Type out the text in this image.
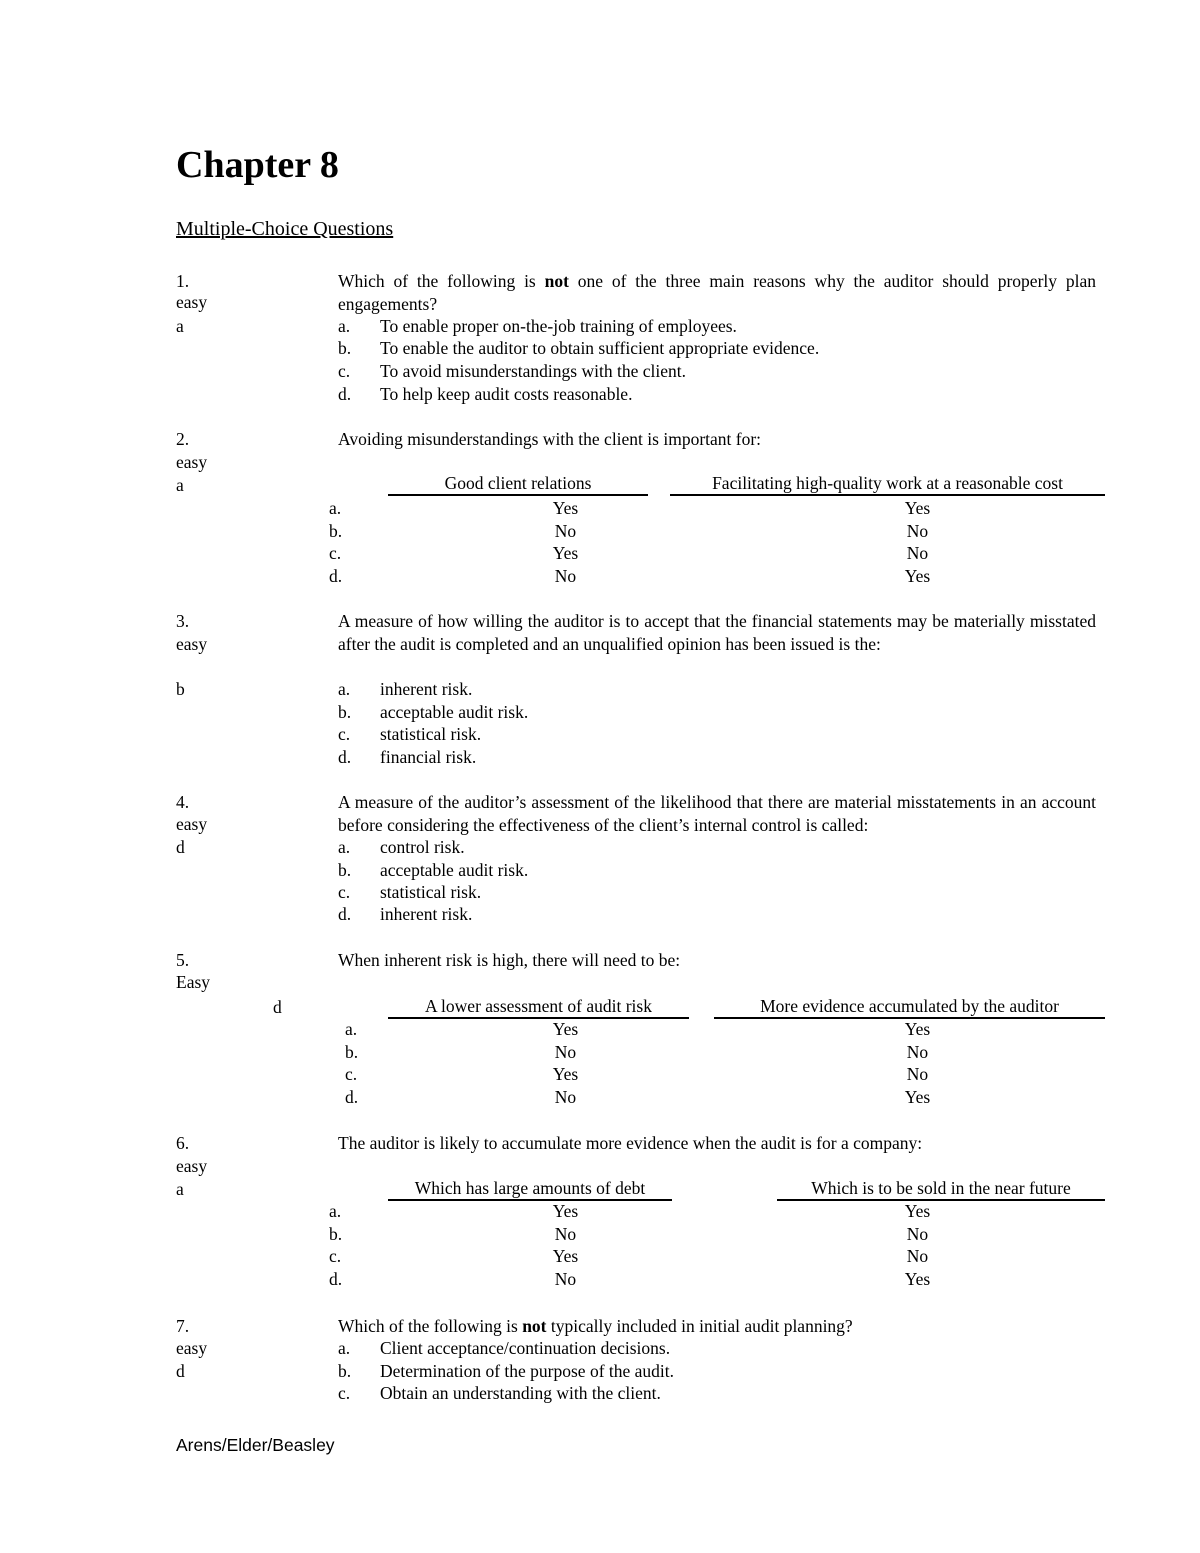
Chapter 8
Multiple-Choice Questions
1.
easy
a
Which of the following is not one of the three main reasons why the auditor should properly plan engagements?
a. To enable proper on-the-job training of employees.
b. To enable the auditor to obtain sufficient appropriate evidence.
c. To avoid misunderstandings with the client.
d. To help keep audit costs reasonable.
2.
easy
a
Avoiding misunderstandings with the client is important for:
Good client relations	Facilitating high-quality work at a reasonable cost
a.	Yes	Yes
b.	No	No
c.	Yes	No
d.	No	Yes
3.
easy
b
A measure of how willing the auditor is to accept that the financial statements may be materially misstated after the audit is completed and an unqualified opinion has been issued is the:
a. inherent risk.
b. acceptable audit risk.
c. statistical risk.
d. financial risk.
4.
easy
d
A measure of the auditor’s assessment of the likelihood that there are material misstatements in an account before considering the effectiveness of the client’s internal control is called:
a. control risk.
b. acceptable audit risk.
c. statistical risk.
d. inherent risk.
5.
Easy
d
When inherent risk is high, there will need to be:
A lower assessment of audit risk	More evidence accumulated by the auditor
a.	Yes	Yes
b.	No	No
c.	Yes	No
d.	No	Yes
6.
easy
a
The auditor is likely to accumulate more evidence when the audit is for a company:
Which has large amounts of debt	Which is to be sold in the near future
a.	Yes	Yes
b.	No	No
c.	Yes	No
d.	No	Yes
7.
easy
d
Which of the following is not typically included in initial audit planning?
a. Client acceptance/continuation decisions.
b. Determination of the purpose of the audit.
c. Obtain an understanding with the client.
Arens/Elder/Beasley
